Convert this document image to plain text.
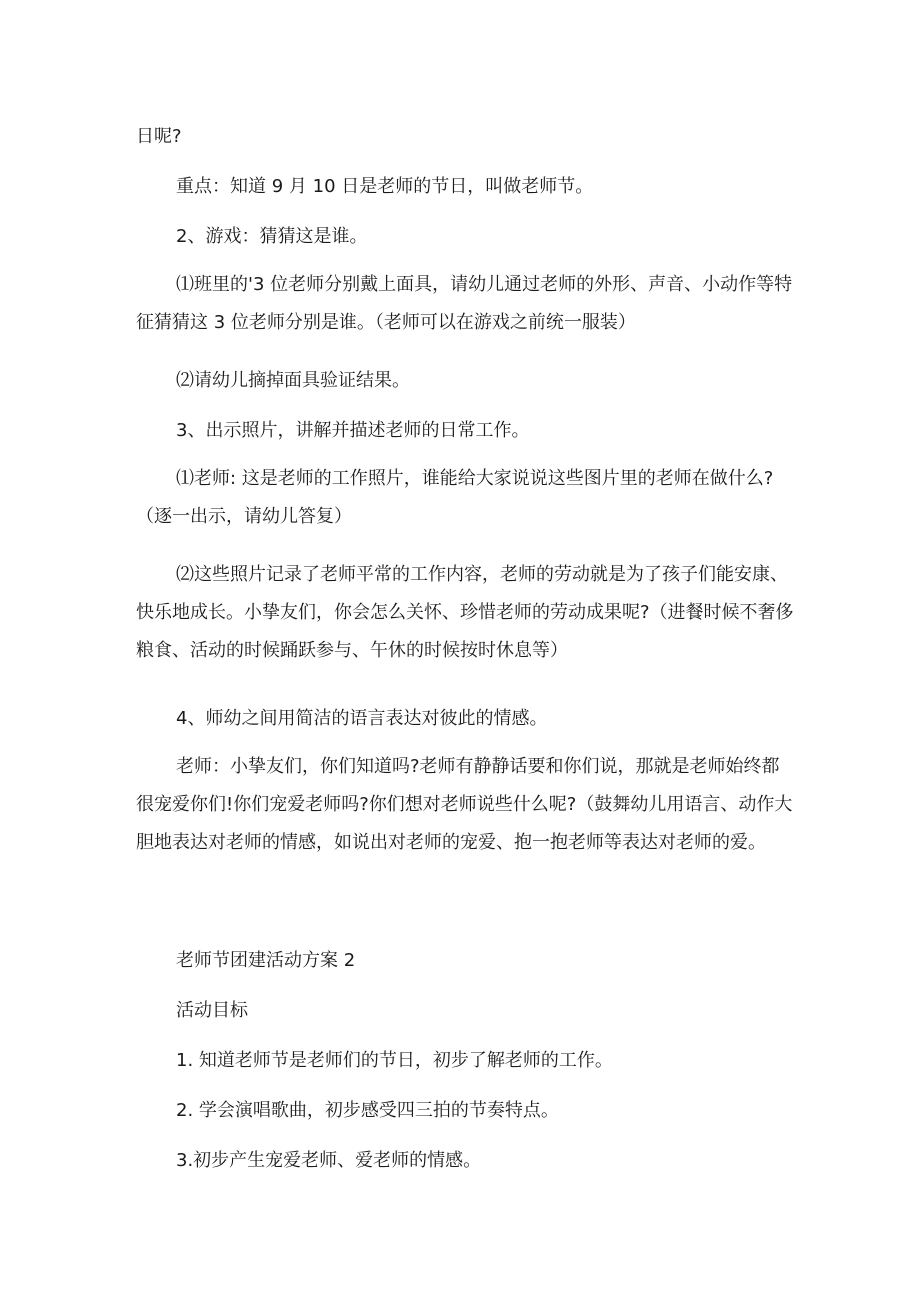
日呢?

重点：知道 9 月 10 日是老师的节日，叫做老师节。

2、游戏：猜猜这是谁。

⑴班里的'3 位老师分别戴上面具，请幼儿通过老师的外形、声音、小动作等特征猜猜这 3 位老师分别是谁。（老师可以在游戏之前统一服装）

⑵请幼儿摘掉面具验证结果。

3、出示照片，讲解并描述老师的日常工作。

⑴老师: 这是老师的工作照片，谁能给大家说说这些图片里的老师在做什么?（逐一出示，请幼儿答复）

⑵这些照片记录了老师平常的工作内容，老师的劳动就是为了孩子们能安康、快乐地成长。小挚友们，你会怎么关怀、珍惜老师的劳动成果呢?（进餐时候不奢侈粮食、活动的时候踊跃参与、午休的时候按时休息等）

4、师幼之间用简洁的语言表达对彼此的情感。

老师：小挚友们，你们知道吗?老师有静静话要和你们说，那就是老师始终都很宠爱你们!你们宠爱老师吗?你们想对老师说些什么呢?（鼓舞幼儿用语言、动作大胆地表达对老师的情感，如说出对老师的宠爱、抱一抱老师等表达对老师的爱。

老师节团建活动方案 2

活动目标

1. 知道老师节是老师们的节日，初步了解老师的工作。

2. 学会演唱歌曲，初步感受四三拍的节奏特点。

3.初步产生宠爱老师、爱老师的情感。
